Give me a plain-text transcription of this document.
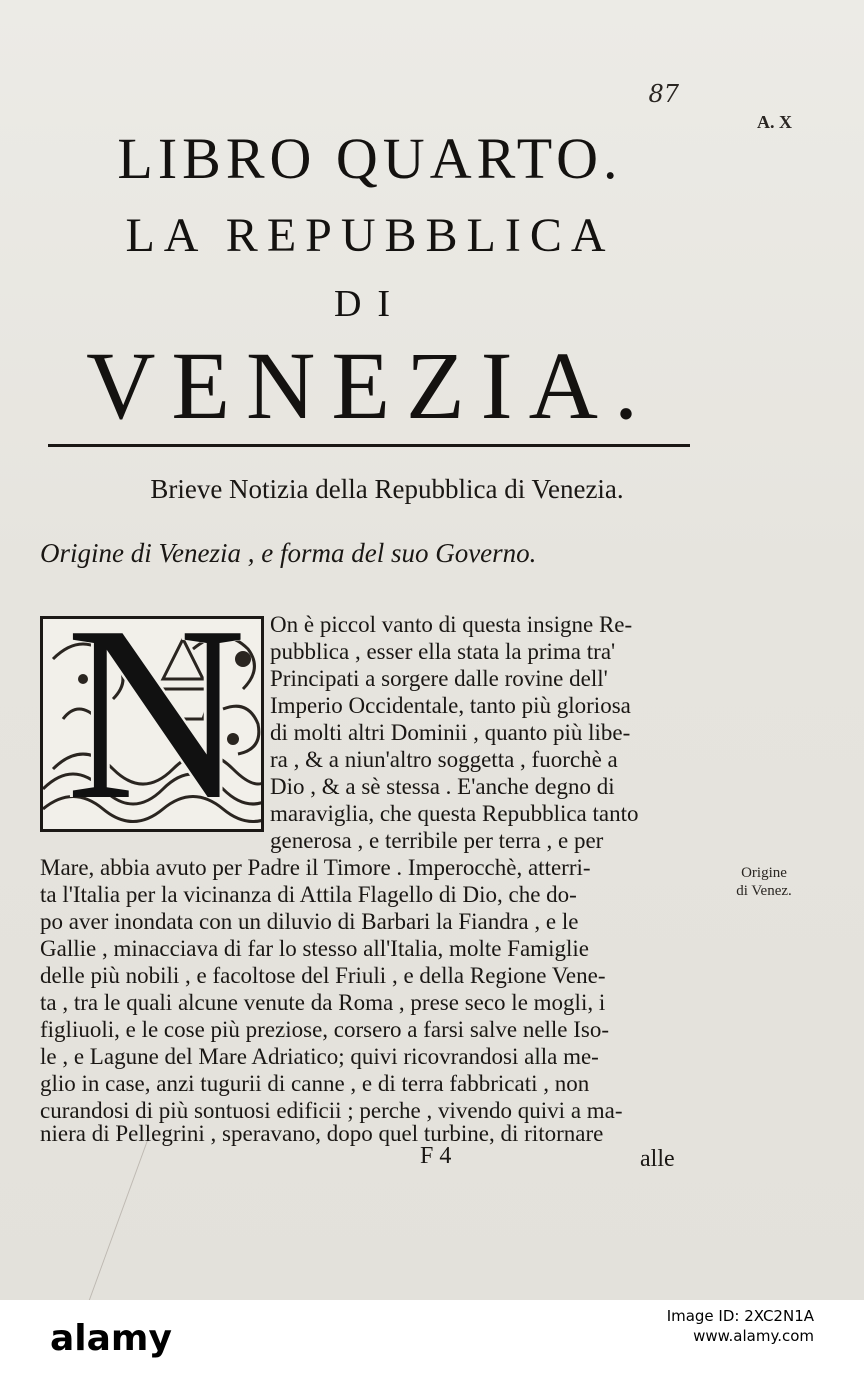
87
A. X
LIBRO QUARTO.
LA REPUBBLICA
DI
VENEZIA.
Brieve Notizia della Repubblica di Venezia.
Origine di Venezia , e forma del suo Governo.
N On è piccol vanto di questa insigne Re-
pubblica , esser ella stata la prima tra'
Principati a sorgere dalle rovine dell'
Imperio Occidentale, tanto più gloriosa
di molti altri Dominii , quanto più libe-
ra , & a niun'altro soggetta , fuorchè a
Dio , & a sè stessa . E'anche degno di
maraviglia, che questa Repubblica tanto
generosa , e terribile per terra , e per
Mare, abbia avuto per Padre il Timore . Imperocchè, atterri-
ta l'Italia per la vicinanza di Attila Flagello di Dio, che do-
po aver inondata con un diluvio di Barbari la Fiandra , e le
Gallie , minacciava di far lo stesso all'Italia, molte Famiglie
delle più nobili , e facoltose del Friuli , e della Regione Vene-
ta , tra le quali alcune venute da Roma , prese seco le mogli, i
figliuoli, e le cose più preziose, corsero a farsi salve nelle Iso-
le , e Lagune del Mare Adriatico; quivi ricovrandosi alla me-
glio in case, anzi tugurii di canne , e di terra fabbricati , non
curandosi di più sontuosi edificii ; perche , vivendo quivi a ma-
niera di Pellegrini , speravano, dopo quel turbine, di ritornare
Origine
di Venez.
F 4	alle
alamy
Image ID: 2XC2N1A
www.alamy.com
